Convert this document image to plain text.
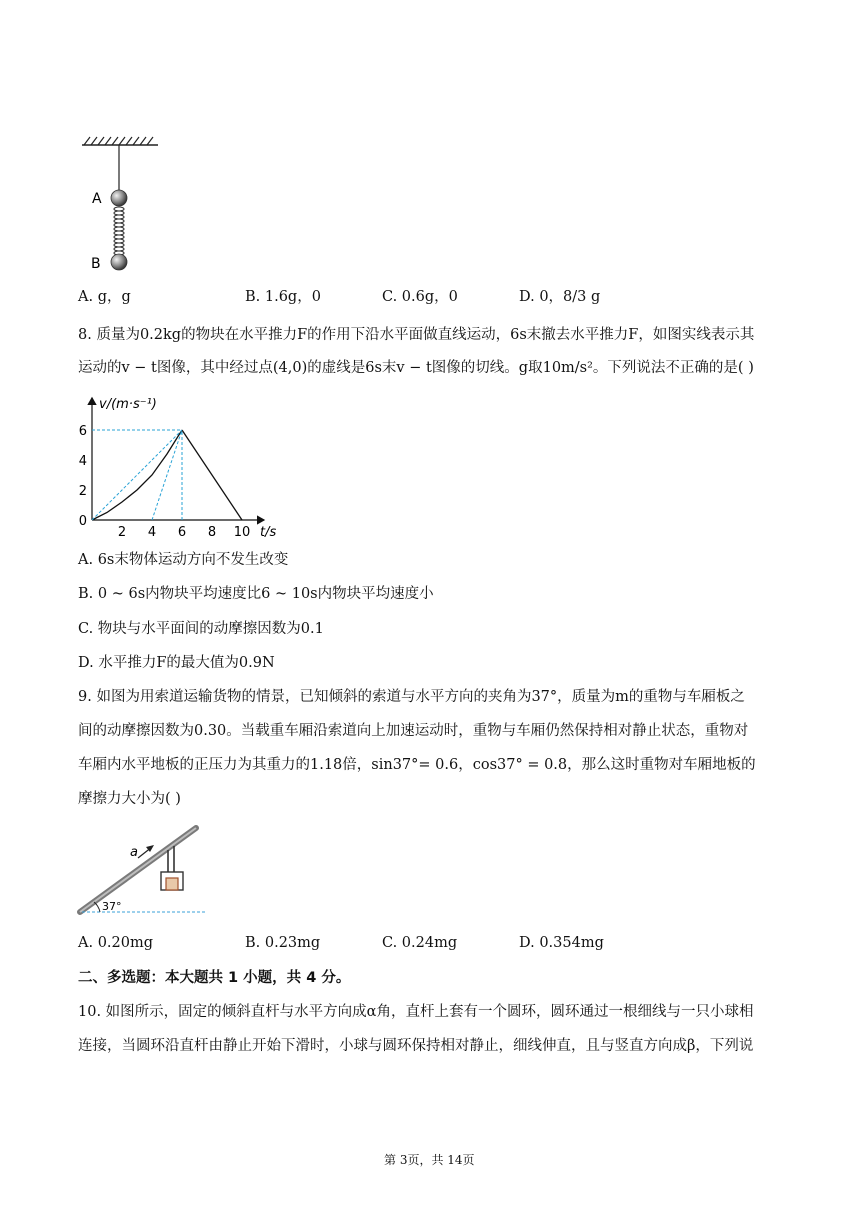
A
B
A. g，g	B. 1.6g，0	C. 0.6g，0	D. 0，8/3 g
8. 质量为0.2kg的物块在水平推力F的作用下沿水平面做直线运动，6s末撤去水平推力F，如图实线表示其
运动的v − t图像，其中经过点(4,0)的虚线是6s末v − t图像的切线。g取10m/s²。下列说法不正确的是( )
2 4 6 8 10
0
2
4
6
v/(m·s⁻¹)
t/s
A. 6s末物体运动方向不发生改变
B. 0 ~ 6s内物块平均速度比6 ~ 10s内物块平均速度小
C. 物块与水平面间的动摩擦因数为0.1
D. 水平推力F的最大值为0.9N
9. 如图为用索道运输货物的情景，已知倾斜的索道与水平方向的夹角为37°，质量为m的重物与车厢板之
间的动摩擦因数为0.30。当载重车厢沿索道向上加速运动时，重物与车厢仍然保持相对静止状态，重物对
车厢内水平地板的正压力为其重力的1.18倍，sin37°= 0.6，cos37° = 0.8，那么这时重物对车厢地板的
摩擦力大小为( )
37°
a
A. 0.20mg	B. 0.23mg	C. 0.24mg	D. 0.354mg
二、多选题：本大题共 1 小题，共 4 分。
10. 如图所示，固定的倾斜直杆与水平方向成α角，直杆上套有一个圆环，圆环通过一根细线与一只小球相
连接，当圆环沿直杆由静止开始下滑时，小球与圆环保持相对静止，细线伸直，且与竖直方向成β，下列说
第 3页，共 14页
